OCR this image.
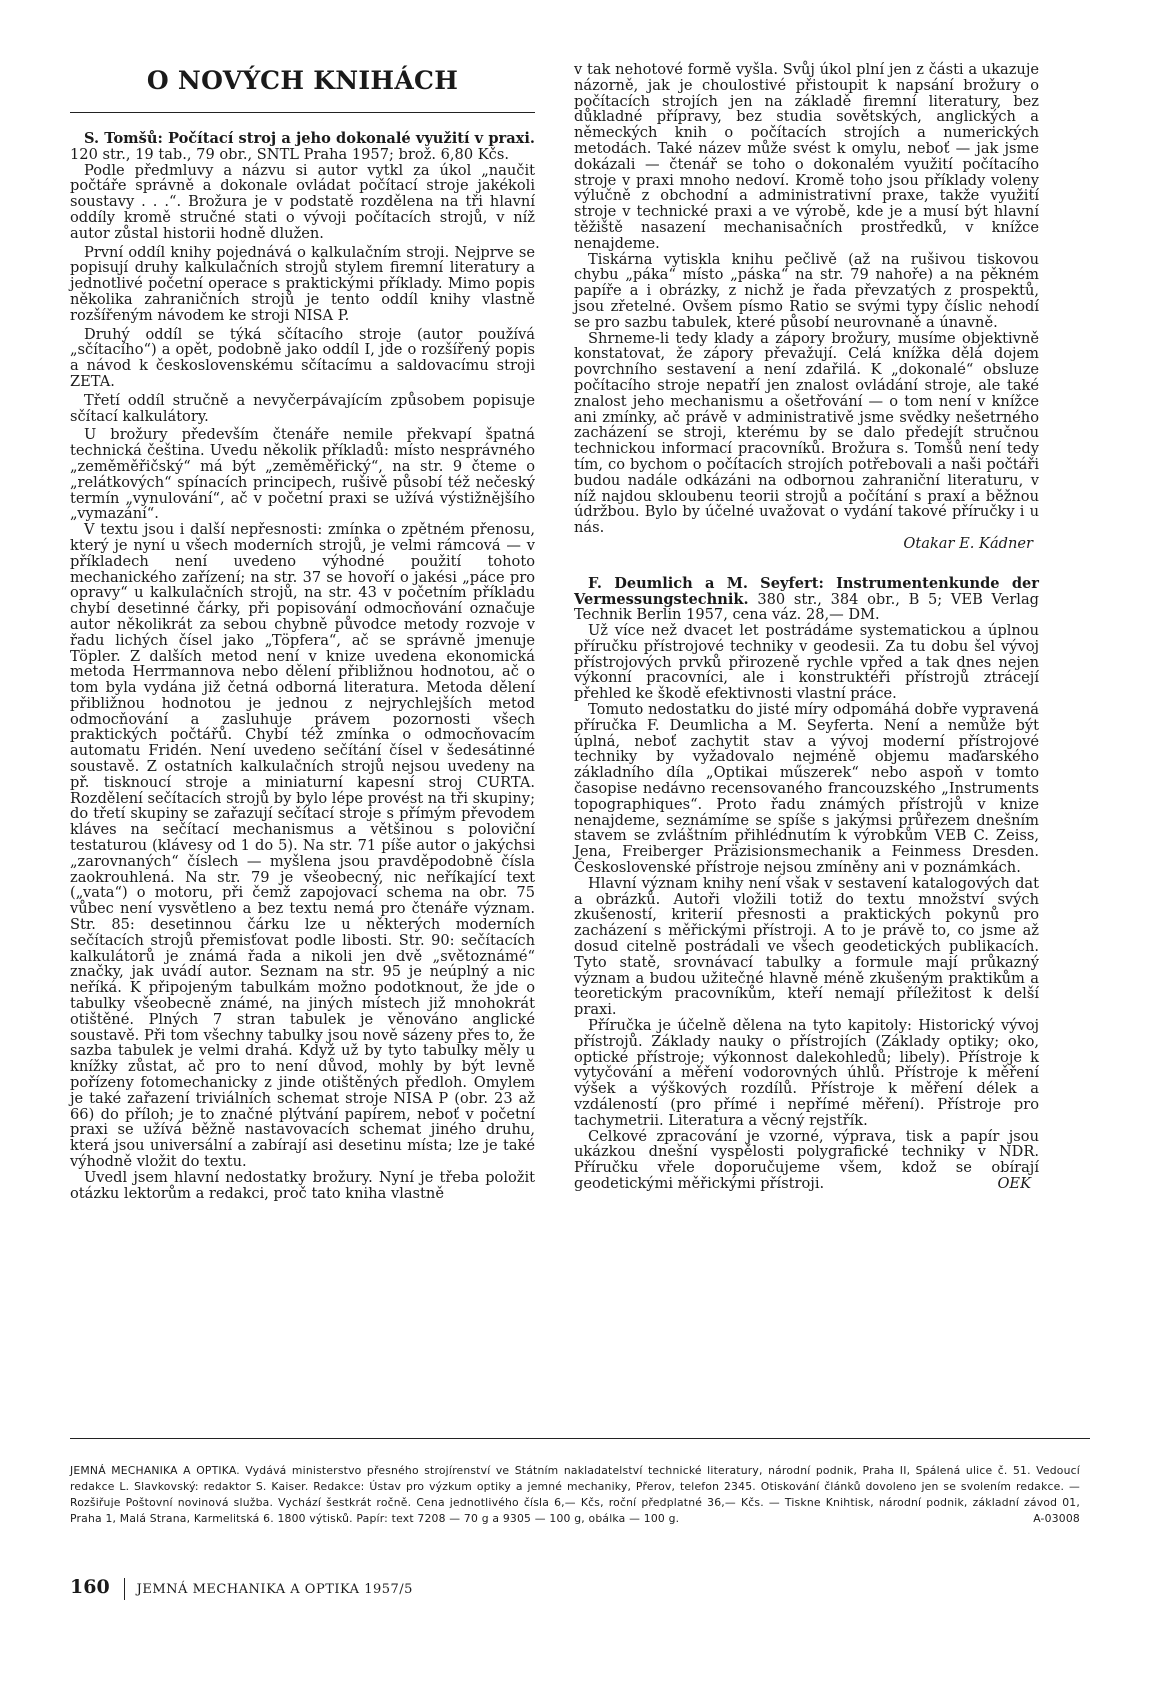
O NOVÝCH KNIHÁCH

S. Tomšů: Počítací stroj a jeho dokonalé využití v praxi. 120 str., 19 tab., 79 obr., SNTL Praha 1957; brož. 6,80 Kčs.

Podle předmluvy a názvu si autor vytkl za úkol „naučit počtáře správně a dokonale ovládat počítací stroje jakékoli soustavy . . .“. Brožura je v podstatě rozdělena na tři hlavní oddíly kromě stručné stati o vývoji počítacích strojů, v níž autor zůstal historii hodně dlužen.

První oddíl knihy pojednává o kalkulačním stroji. Nejprve se popisují druhy kalkulačních strojů stylem firemní literatury a jednotlivé početní operace s praktickými příklady. Mimo popis několika zahraničních strojů je tento oddíl knihy vlastně rozšířeným návodem ke stroji NISA P.

Druhý oddíl se týká sčítacího stroje (autor používá „sčítacího“) a opět, podobně jako oddíl I, jde o rozšířený popis a návod k československému sčítacímu a saldovacímu stroji ZETA.

Třetí oddíl stručně a nevyčerpávajícím způsobem popisuje sčítací kalkulátory.

U brožury především čtenáře nemile překvapí špatná technická čeština. Uvedu několik příkladů: místo nesprávného „zeměměřičský“ má být „zeměměřický“, na str. 9 čteme o „relátkových“ spínacích principech, rušivě působí též nečeský termín „vynulování“, ač v početní praxi se užívá výstižnějšího „vymazání“.

V textu jsou i další nepřesnosti: zmínka o zpětném přenosu, který je nyní u všech moderních strojů, je velmi rámcová — v příkladech není uvedeno výhodné použití tohoto mechanického zařízení; na str. 37 se hovoří o jakési „páce pro opravy“ u kalkulačních strojů, na str. 43 v početním příkladu chybí desetinné čárky, při popisování odmocňování označuje autor několikrát za sebou chybně původce metody rozvoje v řadu lichých čísel jako „Töpfera“, ač se správně jmenuje Töpler. Z dalších metod není v knize uvedena ekonomická metoda Herrmannova nebo dělení přibližnou hodnotou, ač o tom byla vydána již četná odborná literatura. Metoda dělení přibližnou hodnotou je jednou z nejrychlejších metod odmocňování a zasluhuje právem pozornosti všech praktických počtářů. Chybí též zmínka o odmocňovacím automatu Fridén. Není uvedeno sečítání čísel v šedesátinné soustavě. Z ostatních kalkulačních strojů nejsou uvedeny na př. tisknoucí stroje a miniaturní kapesní stroj CURTA. Rozdělení sečítacích strojů by bylo lépe provést na tři skupiny; do třetí skupiny se zařazují sečítací stroje s přímým převodem kláves na sečítací mechanismus a většinou s poloviční testaturou (klávesy od 1 do 5). Na str. 71 píše autor o jakýchsi „zarovnaných“ číslech — myšlena jsou pravděpodobně čísla zaokrouhlená. Na str. 79 je všeobecný, nic neříkající text („vata“) o motoru, při čemž zapojovací schema na obr. 75 vůbec není vysvětleno a bez textu nemá pro čtenáře význam. Str. 85: desetinnou čárku lze u některých moderních sečítacích strojů přemisťovat podle libosti. Str. 90: sečítacích kalkulátorů je známá řada a nikoli jen dvě „světoznámé“ značky, jak uvádí autor. Seznam na str. 95 je neúplný a nic neříká. K připojeným tabulkám možno podotknout, že jde o tabulky všeobecně známé, na jiných místech již mnohokrát otištěné. Plných 7 stran tabulek je věnováno anglické soustavě. Při tom všechny tabulky jsou nově sázeny přes to, že sazba tabulek je velmi drahá. Když už by tyto tabulky měly u knížky zůstat, ač pro to není důvod, mohly by být levně pořízeny fotomechanicky z jinde otištěných předloh. Omylem je také zařazení triviálních schemat stroje NISA P (obr. 23 až 66) do příloh; je to značné plýtvání papírem, neboť v početní praxi se užívá běžně nastavovacích schemat jiného druhu, která jsou universální a zabírají asi desetinu místa; lze je také výhodně vložit do textu.

Uvedl jsem hlavní nedostatky brožury. Nyní je třeba položit otázku lektorům a redakci, proč tato kniha vlastně

v tak nehotové formě vyšla. Svůj úkol plní jen z části a ukazuje názorně, jak je choulostivé přistoupit k napsání brožury o počítacích strojích jen na základě firemní literatury, bez důkladné přípravy, bez studia sovětských, anglických a německých knih o počítacích strojích a numerických metodách. Také název může svést k omylu, neboť — jak jsme dokázali — čtenář se toho o dokonalém využití počítacího stroje v praxi mnoho nedoví. Kromě toho jsou příklady voleny výlučně z obchodní a administrativní praxe, takže využití stroje v technické praxi a ve výrobě, kde je a musí být hlavní těžiště nasazení mechanisačních prostředků, v knížce nenajdeme.

Tiskárna vytiskla knihu pečlivě (až na rušivou tiskovou chybu „páka“ místo „páska“ na str. 79 nahoře) a na pěkném papíře a i obrázky, z nichž je řada převzatých z prospektů, jsou zřetelné. Ovšem písmo Ratio se svými typy číslic nehodí se pro sazbu tabulek, které působí neurovnaně a únavně.

Shrneme-li tedy klady a zápory brožury, musíme objektivně konstatovat, že zápory převažují. Celá knížka dělá dojem povrchního sestavení a není zdařilá. K „dokonalé“ obsluze počítacího stroje nepatří jen znalost ovládání stroje, ale také znalost jeho mechanismu a ošetřování — o tom není v knížce ani zmínky, ač právě v administrativě jsme svědky nešetrného zacházení se stroji, kterému by se dalo předejít stručnou technickou informací pracovníků. Brožura s. Tomšů není tedy tím, co bychom o počítacích strojích potřebovali a naši počtáři budou nadále odkázáni na odbornou zahraniční literaturu, v níž najdou skloubenu teorii strojů a počítání s praxí a běžnou údržbou. Bylo by účelné uvažovat o vydání takové příručky i u nás.

Otakar E. Kádner

F. Deumlich a M. Seyfert: Instrumentenkunde der Vermessungstechnik. 380 str., 384 obr., B 5; VEB Verlag Technik Berlin 1957, cena váz. 28,— DM.

Už více než dvacet let postrádáme systematickou a úplnou příručku přístrojové techniky v geodesii. Za tu dobu šel vývoj přístrojových prvků přirozeně rychle vpřed a tak dnes nejen výkonní pracovníci, ale i konstruktéři přístrojů ztrácejí přehled ke škodě efektivnosti vlastní práce.

Tomuto nedostatku do jisté míry odpomáhá dobře vypravená příručka F. Deumlicha a M. Seyferta. Není a nemůže být úplná, neboť zachytit stav a vývoj moderní přístrojové techniky by vyžadovalo nejméně objemu maďarského základního díla „Optikai műszerek“ nebo aspoň v tomto časopise nedávno recensovaného francouzského „Instruments topographiques“. Proto řadu známých přístrojů v knize nenajdeme, seznámíme se spíše s jakýmsi průřezem dnešním stavem se zvláštním přihlédnutím k výrobkům VEB C. Zeiss, Jena, Freiberger Präzisionsmechanik a Feinmess Dresden. Československé přístroje nejsou zmíněny ani v poznámkách.

Hlavní význam knihy není však v sestavení katalogových dat a obrázků. Autoři vložili totiž do textu množství svých zkušeností, kriterií přesnosti a praktických pokynů pro zacházení s měřickými přístroji. A to je právě to, co jsme až dosud citelně postrádali ve všech geodetických publikacích. Tyto statě, srovnávací tabulky a formule mají průkazný význam a budou užitečné hlavně méně zkušeným praktikům a teoretickým pracovníkům, kteří nemají příležitost k delší praxi.

Příručka je účelně dělena na tyto kapitoly: Historický vývoj přístrojů. Základy nauky o přístrojích (Základy optiky; oko, optické přístroje; výkonnost dalekohledů; libely). Přístroje k vytyčování a měření vodorovných úhlů. Přístroje k měření výšek a výškových rozdílů. Přístroje k měření délek a vzdáleností (pro přímé i nepřímé měření). Přístroje pro tachymetrii. Literatura a věcný rejstřík.

Celkové zpracování je vzorné, výprava, tisk a papír jsou ukázkou dnešní vyspělosti polygrafické techniky v NDR. Příručku vřele doporučujeme všem, kdož se obírají geodetickými měřickými přístroji.	OEK

JEMNÁ MECHANIKA A OPTIKA. Vydává ministerstvo přesného strojírenství ve Státním nakladatelství technické literatury, národní podnik, Praha II, Spálená ulice č. 51. Vedoucí redakce L. Slavkovský: redaktor S. Kaiser. Redakce: Ústav pro výzkum optiky a jemné mechaniky, Přerov, telefon 2345. Otiskování článků dovoleno jen se svolením redakce. — Rozšiřuje Poštovní novinová služba. Vychází šestkrát ročně. Cena jednotlivého čísla 6,— Kčs, roční předplatné 36,— Kčs. — Tiskne Knihtisk, národní podnik, základní závod 01, Praha 1, Malá Strana, Karmelitská 6. 1800 výtisků. Papír: text 7208 — 70 g a 9305 — 100 g, obálka — 100 g.	A-03008
160 JEMNÁ MECHANIKA A OPTIKA 1957/5
